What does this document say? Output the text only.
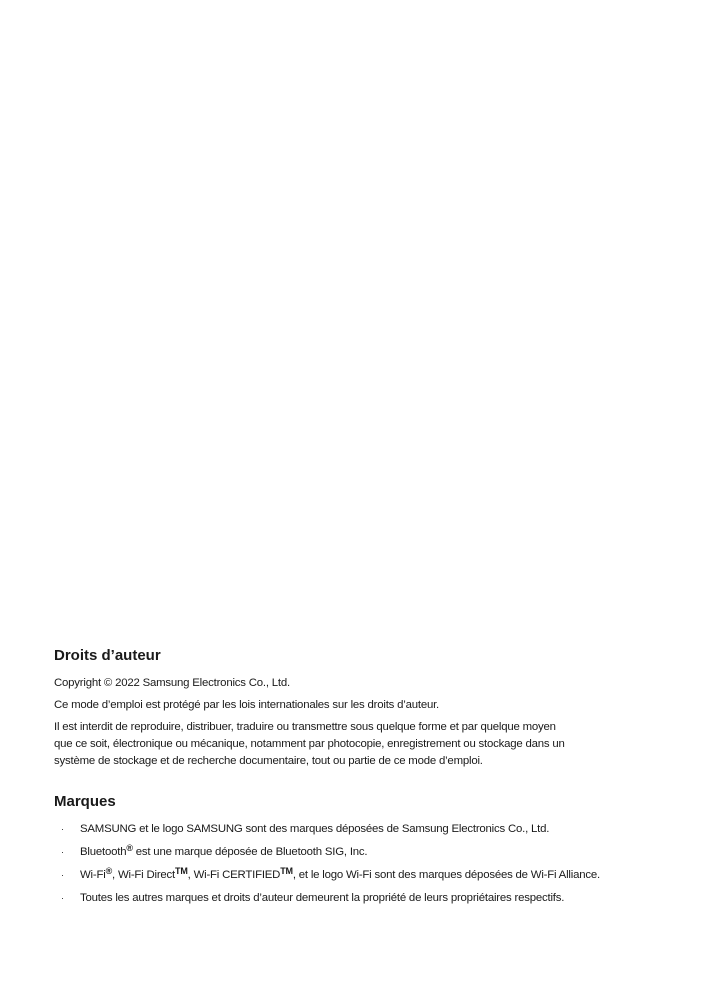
Droits d’auteur

Copyright © 2022 Samsung Electronics Co., Ltd.

Ce mode d’emploi est protégé par les lois internationales sur les droits d’auteur.

Il est interdit de reproduire, distribuer, traduire ou transmettre sous quelque forme et par quelque moyen
que ce soit, électronique ou mécanique, notamment par photocopie, enregistrement ou stockage dans un
système de stockage et de recherche documentaire, tout ou partie de ce mode d’emploi.

Marques
· SAMSUNG et le logo SAMSUNG sont des marques déposées de Samsung Electronics Co., Ltd.
· Bluetooth® est une marque déposée de Bluetooth SIG, Inc.
· Wi-Fi®, Wi-Fi Direct™, Wi-Fi CERTIFIED™, et le logo Wi-Fi sont des marques déposées de Wi-Fi Alliance.
· Toutes les autres marques et droits d’auteur demeurent la propriété de leurs propriétaires respectifs.
